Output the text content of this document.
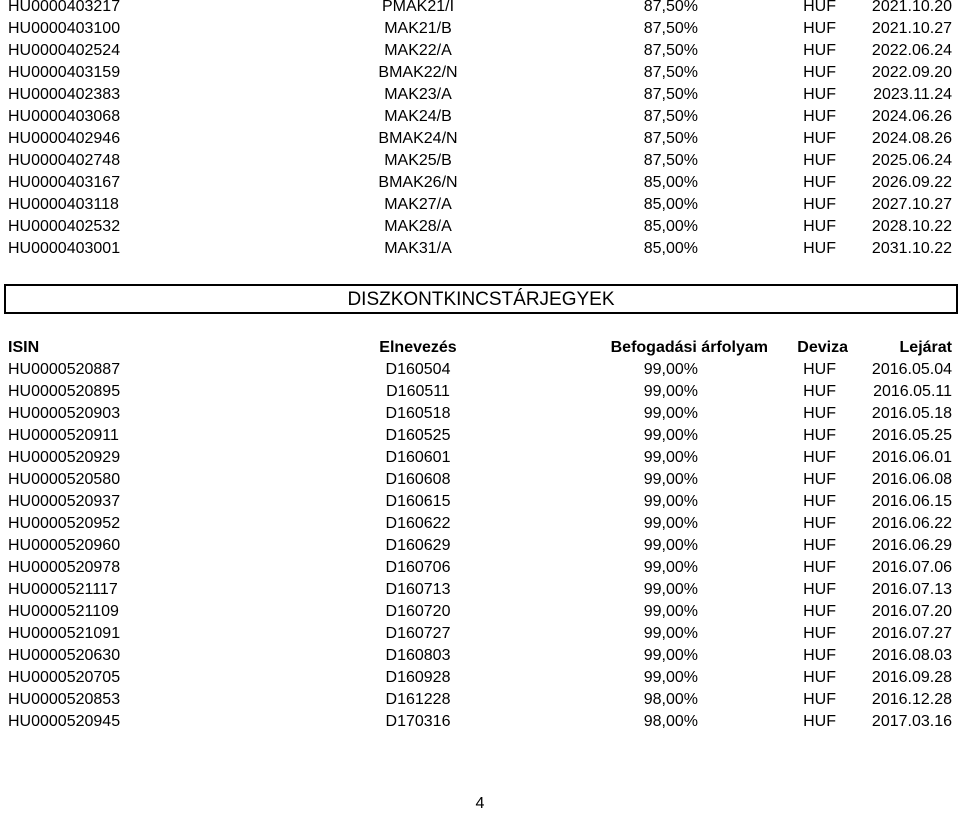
HU0000403217	PMAK21/I	87,50%	HUF	2021.10.20
HU0000403100	MAK21/B	87,50%	HUF	2021.10.27
HU0000402524	MAK22/A	87,50%	HUF	2022.06.24
HU0000403159	BMAK22/N	87,50%	HUF	2022.09.20
HU0000402383	MAK23/A	87,50%	HUF	2023.11.24
HU0000403068	MAK24/B	87,50%	HUF	2024.06.26
HU0000402946	BMAK24/N	87,50%	HUF	2024.08.26
HU0000402748	MAK25/B	87,50%	HUF	2025.06.24
HU0000403167	BMAK26/N	85,00%	HUF	2026.09.22
HU0000403118	MAK27/A	85,00%	HUF	2027.10.27
HU0000402532	MAK28/A	85,00%	HUF	2028.10.22
HU0000403001	MAK31/A	85,00%	HUF	2031.10.22
DISZKONTKINCSTÁRJEGYEK
ISIN	Elnevezés	Befogadási árfolyam	Deviza	Lejárat
HU0000520887	D160504	99,00%	HUF	2016.05.04
HU0000520895	D160511	99,00%	HUF	2016.05.11
HU0000520903	D160518	99,00%	HUF	2016.05.18
HU0000520911	D160525	99,00%	HUF	2016.05.25
HU0000520929	D160601	99,00%	HUF	2016.06.01
HU0000520580	D160608	99,00%	HUF	2016.06.08
HU0000520937	D160615	99,00%	HUF	2016.06.15
HU0000520952	D160622	99,00%	HUF	2016.06.22
HU0000520960	D160629	99,00%	HUF	2016.06.29
HU0000520978	D160706	99,00%	HUF	2016.07.06
HU0000521117	D160713	99,00%	HUF	2016.07.13
HU0000521109	D160720	99,00%	HUF	2016.07.20
HU0000521091	D160727	99,00%	HUF	2016.07.27
HU0000520630	D160803	99,00%	HUF	2016.08.03
HU0000520705	D160928	99,00%	HUF	2016.09.28
HU0000520853	D161228	98,00%	HUF	2016.12.28
HU0000520945	D170316	98,00%	HUF	2017.03.16
4
